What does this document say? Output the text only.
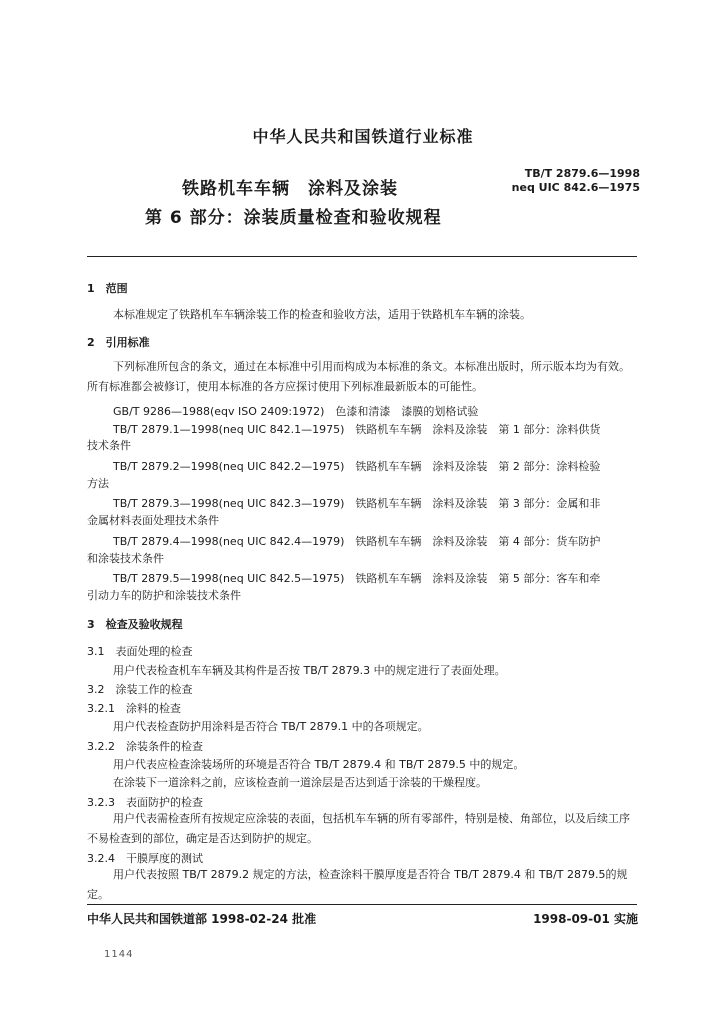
中华人民共和国铁道行业标准
铁路机车车辆　涂料及涂装
第 6 部分：涂装质量检查和验收规程
TB/T 2879.6—1998
neq UIC 842.6—1975
1　范围
本标准规定了铁路机车车辆涂装工作的检查和验收方法，适用于铁路机车车辆的涂装。
2　引用标准
下列标准所包含的条文，通过在本标准中引用而构成为本标准的条文。本标准出版时，所示版本均为有效。所有标准都会被修订，使用本标准的各方应探讨使用下列标准最新版本的可能性。
GB/T 9286—1988(eqv ISO 2409:1972)　色漆和清漆　漆膜的划格试验
TB/T 2879.1—1998(neq UIC 842.1—1975)　铁路机车车辆　涂料及涂装　第 1 部分：涂料供货
技术条件
TB/T 2879.2—1998(neq UIC 842.2—1975)　铁路机车车辆　涂料及涂装　第 2 部分：涂料检验
方法
TB/T 2879.3—1998(neq UIC 842.3—1979)　铁路机车车辆　涂料及涂装　第 3 部分：金属和非
金属材料表面处理技术条件
TB/T 2879.4—1998(neq UIC 842.4—1979)　铁路机车车辆　涂料及涂装　第 4 部分：货车防护
和涂装技术条件
TB/T 2879.5—1998(neq UIC 842.5—1975)　铁路机车车辆　涂料及涂装　第 5 部分：客车和牵
引动力车的防护和涂装技术条件
3　检查及验收规程
3.1　表面处理的检查
用户代表检查机车车辆及其构件是否按 TB/T 2879.3 中的规定进行了表面处理。
3.2　涂装工作的检查
3.2.1　涂料的检查
用户代表检查防护用涂料是否符合 TB/T 2879.1 中的各项规定。
3.2.2　涂装条件的检查
用户代表应检查涂装场所的环境是否符合 TB/T 2879.4 和 TB/T 2879.5 中的规定。
在涂装下一道涂料之前，应该检查前一道涂层是否达到适于涂装的干燥程度。
3.2.3　表面防护的检查
用户代表需检查所有按规定应涂装的表面，包括机车车辆的所有零部件，特别是棱、角部位，以及后续工序不易检查到的部位，确定是否达到防护的规定。
3.2.4　干膜厚度的测试
用户代表按照 TB/T 2879.2 规定的方法，检查涂料干膜厚度是否符合 TB/T 2879.4 和 TB/T 2879.5的规定。
中华人民共和国铁道部 1998-02-24 批准	1998-09-01 实施
1144
